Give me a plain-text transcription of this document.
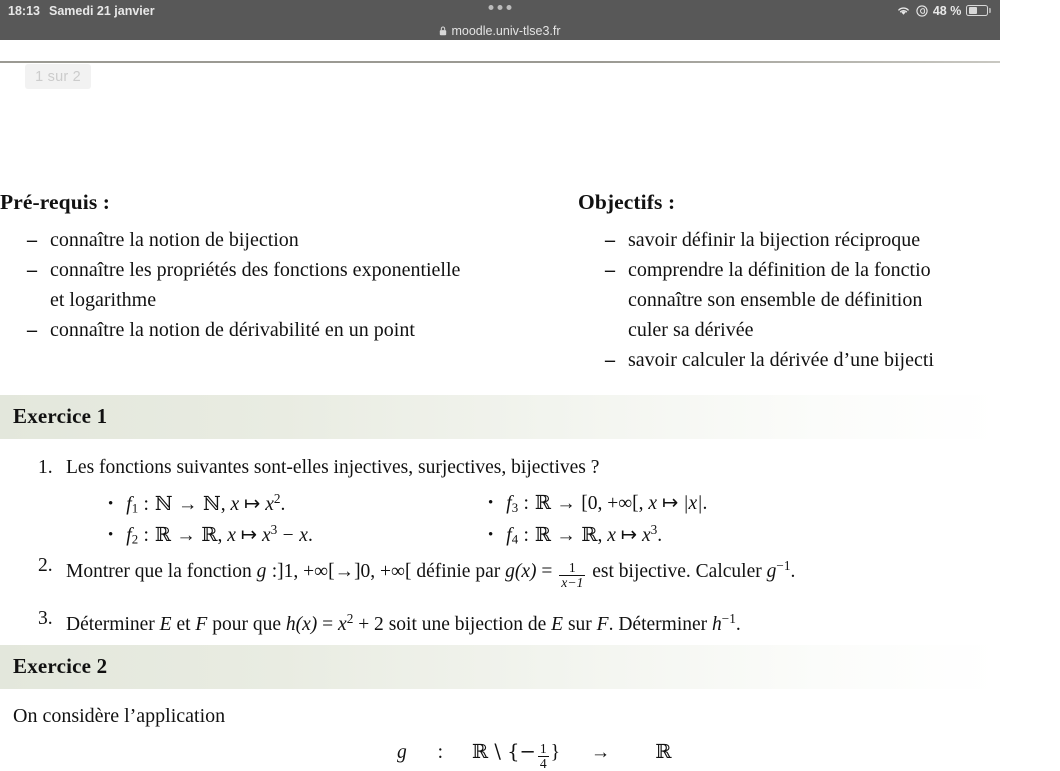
18:13 Samedi 21 janvier	48 %
moodle.univ-tlse3.fr
1 sur 2
Pré-requis :
– connaître la notion de bijection
– connaître les propriétés des fonctions exponentielle
et logarithme
– connaître la notion de dérivabilité en un point
Objectifs :
– savoir définir la bijection réciproque
– comprendre la définition de la fonctio
connaître son ensemble de définition
culer sa dérivée
– savoir calculer la dérivée d’une bijecti
Exercice 1
1. Les fonctions suivantes sont-elles injectives, surjectives, bijectives ?
• $f_1$ : ℕ → ℕ, x ↦ $x^2$.
• $f_2$ : ℝ → ℝ, x ↦ $x^3 - x$.
• $f_3$ : ℝ → [0, +∞[, x ↦ |x|.
• $f_4$ : ℝ → ℝ, x ↦ $x^3$.
2. Montrer que la fonction g :]1, +∞[→]0, +∞[ définie par $g(x) = \frac{1}{x-1}$ est bijective. Calculer $g^{-1}$.
3. Déterminer E et F pour que $h(x) = x^2 + 2$ soit une bijection de E sur F. Déterminer $h^{-1}$.
Exercice 2
On considère l’application
g : ℝ \ {− $\frac{1}{4}$ } → ℝ
